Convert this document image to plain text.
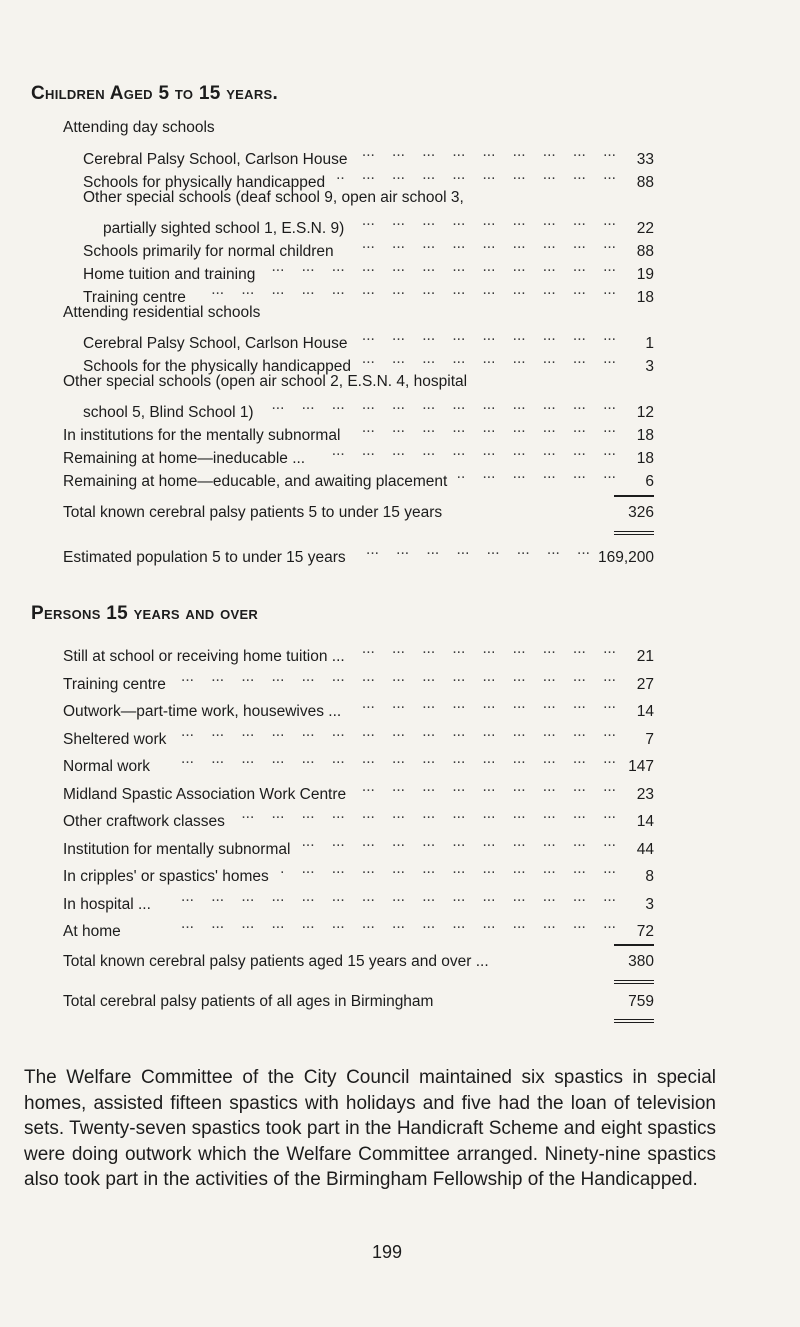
Children Aged 5 to 15 years.
Attending day schools
Cerebral Palsy School, Carlson House ...	33
Schools for physically handicapped ...	88
Other special schools (deaf school 9, open air school 3,
partially sighted school 1, E.S.N. 9) ...	22
Schools primarily for normal children ...	88
Home tuition and training ...	19
Training centre ...	18
Attending residential schools
Cerebral Palsy School, Carlson House ...	1
Schools for the physically handicapped ...	3
Other special schools (open air school 2, E.S.N. 4, hospital
school 5, Blind School 1) ...	12
In institutions for the mentally subnormal ...	18
Remaining at home—ineducable ... ...	18
Remaining at home—educable, and awaiting placement ...	6
Total known cerebral palsy patients 5 to under 15 years	326
Estimated population 5 to under 15 years ...	169,200
Persons 15 years and over
Still at school or receiving home tuition ... ...	21
Training centre ...	27
Outwork—part-time work, housewives ... ...	14
Sheltered work ...	7
Normal work ...	147
Midland Spastic Association Work Centre ...	23
Other craftwork classes ...	14
Institution for mentally subnormal ...	44
In cripples' or spastics' homes ...	8
In hospital ... ...	3
At home ...	72
Total known cerebral palsy patients aged 15 years and over ...	380
Total cerebral palsy patients of all ages in Birmingham	759
The Welfare Committee of the City Council maintained six spastics in special homes, assisted fifteen spastics with holidays and five had the loan of television sets. Twenty-seven spastics took part in the Handicraft Scheme and eight spastics were doing outwork which the Welfare Committee arranged. Ninety-nine spastics also took part in the activities of the Birmingham Fellowship of the Handicapped.
199
